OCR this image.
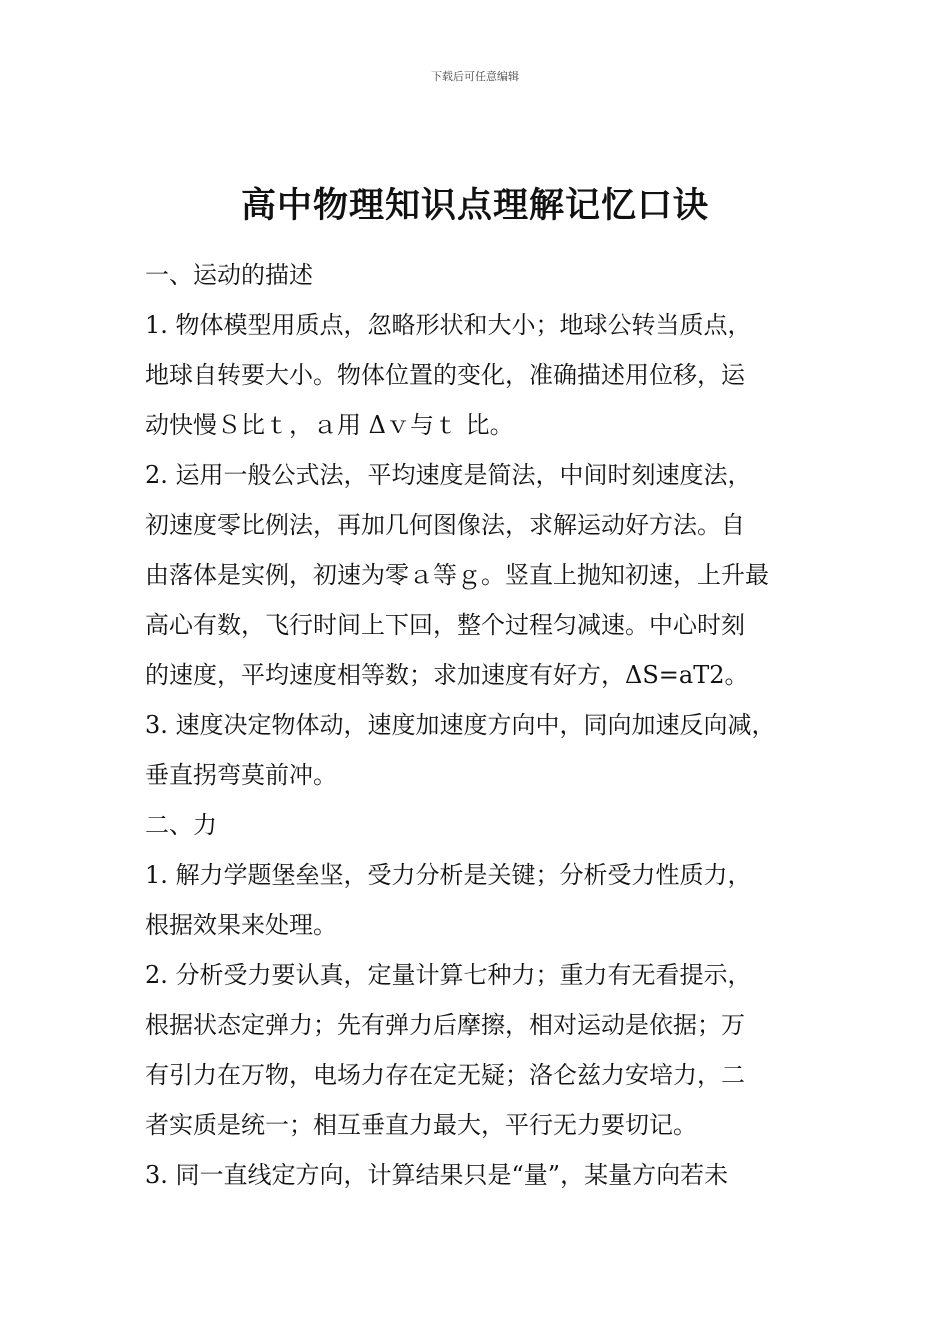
下载后可任意编辑
高中物理知识点理解记忆口诀

一、运动的描述

1. 物体模型用质点，忽略形状和大小；地球公转当质点，

地球自转要大小。物体位置的变化，准确描述用位移，运

动快慢Ｓ比ｔ，ａ用 Δｖ与ｔ 比。

2. 运用一般公式法，平均速度是简法，中间时刻速度法，

初速度零比例法，再加几何图像法，求解运动好方法。自

由落体是实例，初速为零ａ等ｇ。竖直上抛知初速，上升最

高心有数，飞行时间上下回，整个过程匀减速。中心时刻

的速度，平均速度相等数；求加速度有好方，ΔS=aT2。

3. 速度决定物体动，速度加速度方向中，同向加速反向减，

垂直拐弯莫前冲。

二、力

1. 解力学题堡垒坚，受力分析是关键；分析受力性质力，

根据效果来处理。

2. 分析受力要认真，定量计算七种力；重力有无看提示，

根据状态定弹力；先有弹力后摩擦，相对运动是依据；万

有引力在万物，电场力存在定无疑；洛仑兹力安培力，二

者实质是统一；相互垂直力最大，平行无力要切记。

3. 同一直线定方向，计算结果只是“量”，某量方向若未
